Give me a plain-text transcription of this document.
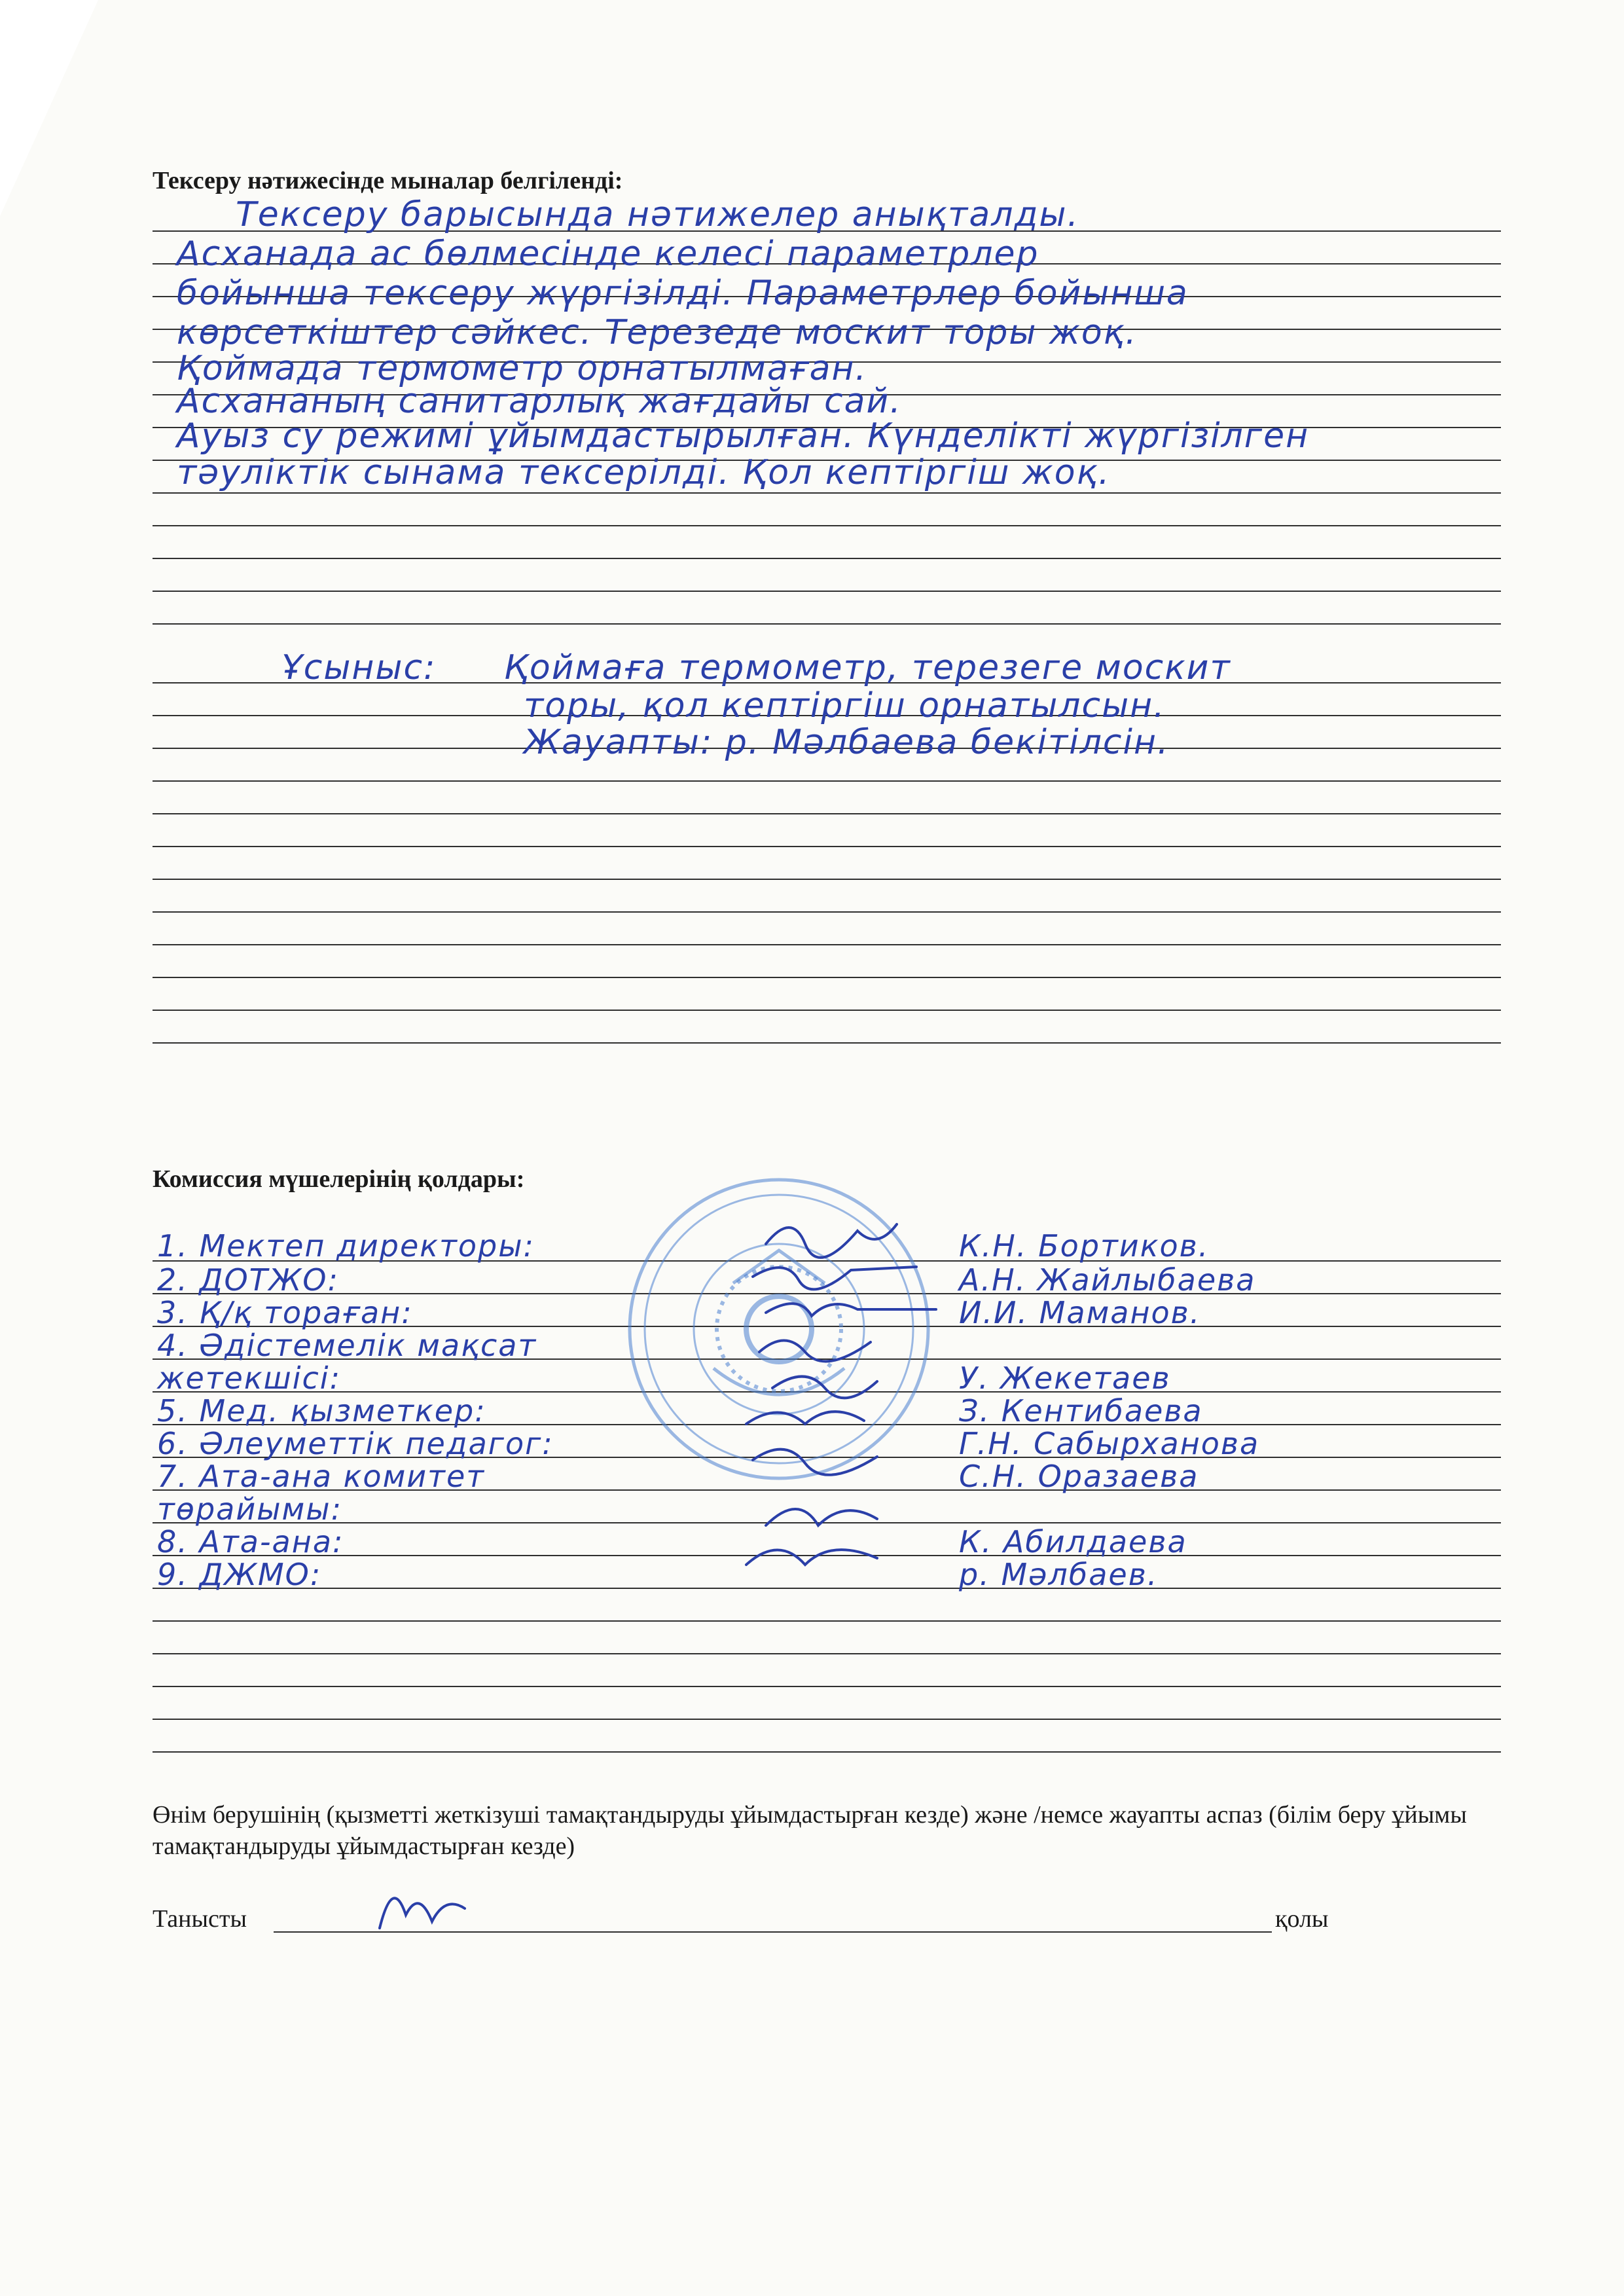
Тексеру нәтижесінде мыналар белгіленді:
Тексеру барысында нәтижелер анықталды.
Асханада ас бөлмесінде келесі параметрлер
бойынша тексеру жүргізілді. Параметрлер бойынша
көрсеткіштер сәйкес. Терезеде москит торы жоқ.
Қоймада термометр орнатылмаған.
Асхананың санитарлық жағдайы сай.
Ауыз су режимі ұйымдастырылған. Күнделікті жүргізілген
тәуліктік сынама тексерілді. Қол кептіргіш жоқ.
Ұсыныс: Қоймаға термометр, терезеге москит
торы, қол кептіргіш орнатылсын.
Жауапты: р. Мәлбаева бекітілсін.
Комиссия мүшелерінің қолдары:
1. Мектеп директоры:	К.Н. Бортиков.
2. ДОТЖО:	А.Н. Жайлыбаева
3. Қ/қ тораған:	И.И. Маманов.
4. Әдістемелік мақсат
жетекшісі:	У. Жекетаев
5. Мед. қызметкер:	З. Кентибаева
6. Әлеуметтік педагог:	Г.Н. Сабырханова
7. Ата-ана комитет	С.Н. Оразаева
төрайымы:
8. Ата-ана:	К. Абилдаева
9. ДЖМО:	р. Мәлбаев.
Өнім берушінің (қызметті жеткізуші тамақтандыруды ұйымдастырған кезде) және /немсе жауапты аспаз (білім беру ұйымы тамақтандыруды ұйымдастырған кезде)
Танысты	қолы
